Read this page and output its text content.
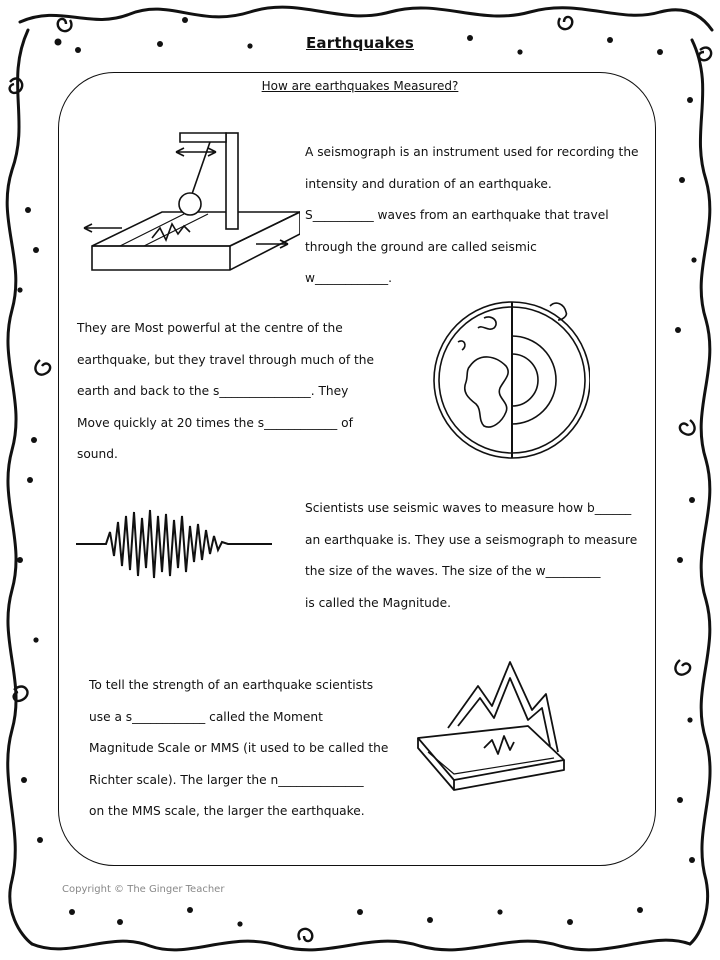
Earthquakes
How are earthquakes Measured?
A seismograph is an instrument used for recording the
intensity and duration of an earthquake.
S__________ waves from an earthquake that travel
through the ground are called seismic
w____________.
They are Most powerful at the centre of the
earthquake, but they travel through much of the
earth and back to the s_______________. They
Move quickly at 20 times the s____________ of
sound.
Scientists use seismic waves to measure how b______
an earthquake is. They use a seismograph to measure
the size of the waves. The size of the w_________
is called the Magnitude.
To tell the strength of an earthquake scientists
use a s____________ called the Moment
Magnitude Scale or MMS (it used to be called the
Richter scale). The larger the n______________
on the MMS scale, the larger the earthquake.
Copyright © The Ginger Teacher
